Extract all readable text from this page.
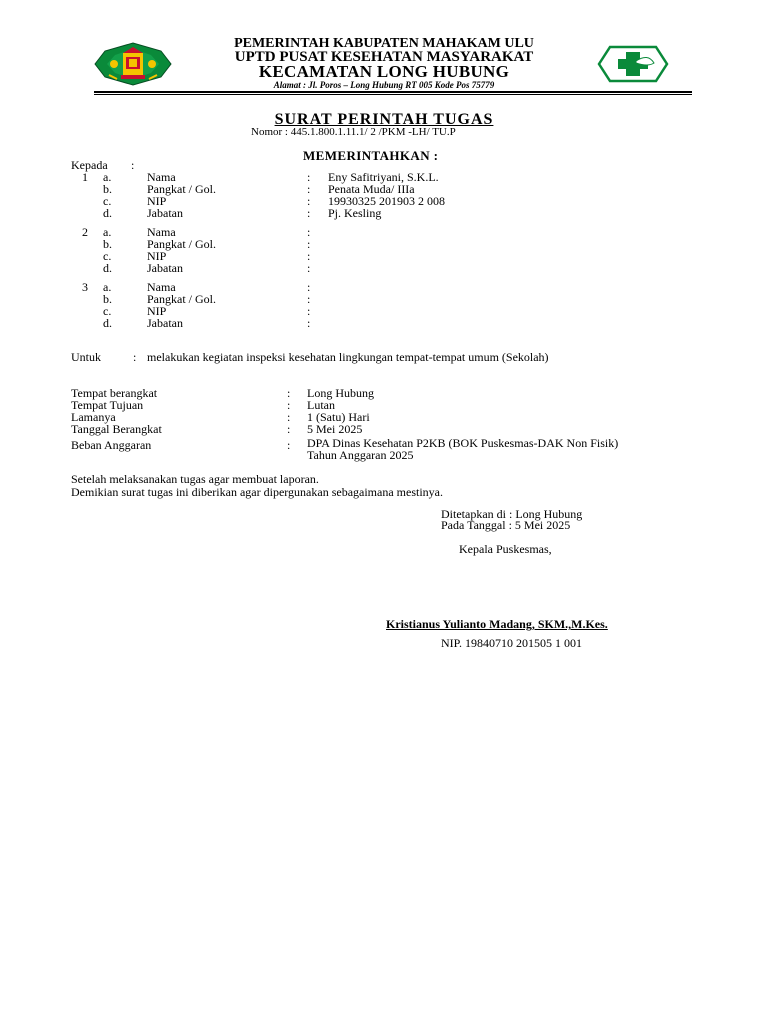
PEMERINTAH KABUPATEN MAHAKAM ULU
UPTD PUSAT KESEHATAN MASYARAKAT
KECAMATAN LONG HUBUNG
Alamat : Jl. Poros – Long Hubung RT 005 Kode Pos 75779
SURAT PERINTAH TUGAS
Nomor : 445.1.800.1.11.1/ 2 /PKM -LH/ TU.P
MEMERINTAHKAN :
Kepada :
1 a.	Nama	: Eny Safitriyani, S.K.L.
b.	Pangkat / Gol.	: Penata Muda/ IIIa
c.	NIP	: 19930325 201903 2 008
d.	Jabatan	: Pj. Kesling
2 a.	Nama	:
b.	Pangkat / Gol.	:
c.	NIP	:
d.	Jabatan	:
3 a.	Nama	:
b.	Pangkat / Gol.	:
c.	NIP	:
d.	Jabatan	:
Untuk	: melakukan kegiatan inspeksi kesehatan lingkungan tempat-tempat umum (Sekolah)
Tempat berangkat	: Long Hubung
Tempat Tujuan	: Lutan
Lamanya	: 1 (Satu) Hari
Tanggal Berangkat	: 5 Mei 2025
Beban Anggaran	: DPA Dinas Kesehatan P2KB (BOK Puskesmas-DAK Non Fisik)
Tahun Anggaran 2025
Setelah melaksanakan tugas agar membuat laporan.
Demikian surat tugas ini diberikan agar dipergunakan sebagaimana mestinya.
Ditetapkan di : Long Hubung
Pada Tanggal : 5 Mei 2025
Kepala Puskesmas,
Kristianus Yulianto Madang, SKM.,M.Kes.
NIP. 19840710 201505 1 001
